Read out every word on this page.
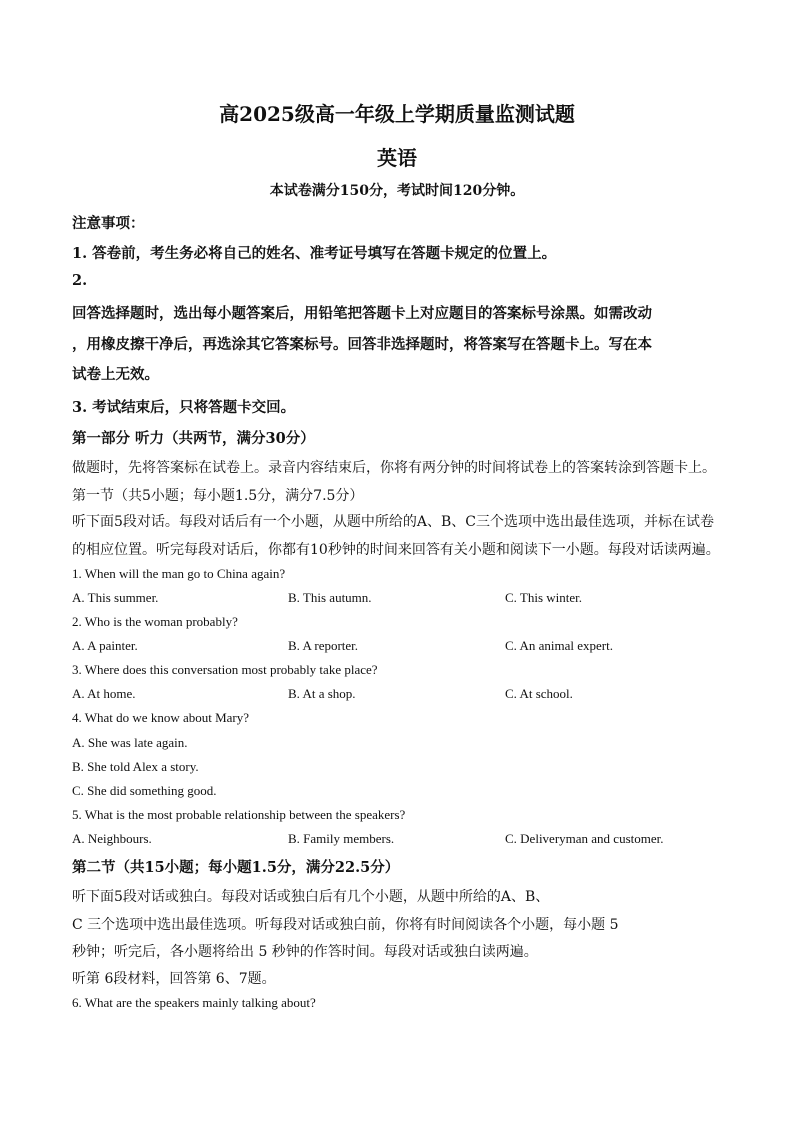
高2025级高一年级上学期质量监测试题
英语
本试卷满分150分，考试时间120分钟。
注意事项：
1. 答卷前，考生务必将自己的姓名、准考证号填写在答题卡规定的位置上。
2.
回答选择题时，选出每小题答案后，用铅笔把答题卡上对应题目的答案标号涂黑。如需改动
，用橡皮擦干净后，再选涂其它答案标号。回答非选择题时，将答案写在答题卡上。写在本
试卷上无效。
3. 考试结束后，只将答题卡交回。
第一部分 听力（共两节，满分30分）
做题时，先将答案标在试卷上。录音内容结束后，你将有两分钟的时间将试卷上的答案转涂到答题卡上。
第一节（共5小题；每小题1.5分，满分7.5分）
听下面5段对话。每段对话后有一个小题，从题中所给的A、B、C三个选项中选出最佳选项，并标在试卷
的相应位置。听完每段对话后，你都有10秒钟的时间来回答有关小题和阅读下一小题。每段对话读两遍。
1. When will the man go to China again?
A. This summer.	B. This autumn.	C. This winter.
2. Who is the woman probably?
A. A painter.	B. A reporter.	C. An animal expert.
3. Where does this conversation most probably take place?
A. At home.	B. At a shop.	C. At school.
4. What do we know about Mary?
A. She was late again.
B. She told Alex a story.
C. She did something good.
5. What is the most probable relationship between the speakers?
A. Neighbours.	B. Family members.	C. Deliveryman and customer.
第二节（共15小题；每小题1.5分，满分22.5分）
听下面5段对话或独白。每段对话或独白后有几个小题，从题中所给的A、B、
C 三个选项中选出最佳选项。听每段对话或独白前，你将有时间阅读各个小题，每小题 5
秒钟；听完后，各小题将给出 5 秒钟的作答时间。每段对话或独白读两遍。
听第 6段材料，回答第 6、7题。
6. What are the speakers mainly talking about?
